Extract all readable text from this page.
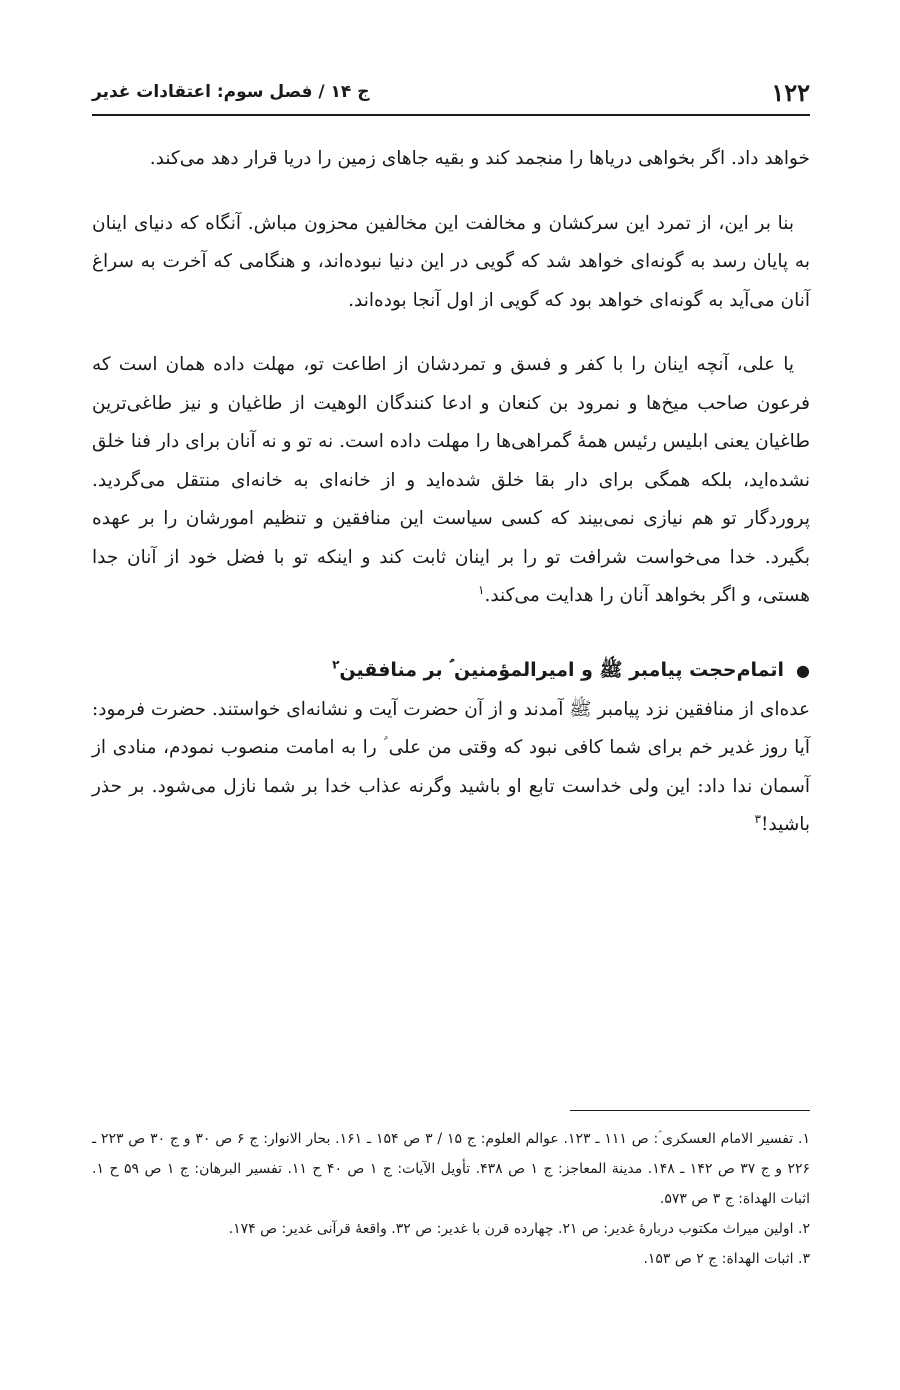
۱۲۲
ج ۱۴ / فصل سوم: اعتقادات غدیر

خواهد داد. اگر بخواهی دریاها را منجمد کند و بقیه جاهای زمین را دریا قرار دهد می‌کند.

بنا بر این، از تمرد این سرکشان و مخالفت این مخالفین محزون مباش. آنگاه که دنیای اینان به پایان رسد به گونه‌ای خواهد شد که گویی در این دنیا نبوده‌اند، و هنگامی که آخرت به سراغ آنان می‌آید به گونه‌ای خواهد بود که گویی از اول آنجا بوده‌اند.

یا علی، آنچه اینان را با کفر و فسق و تمردشان از اطاعت تو، مهلت داده همان است که فرعون صاحب میخ‌ها و نمرود بن کنعان و ادعا کنندگان الوهیت از طاغیان و نیز طاغی‌ترین طاغیان یعنی ابلیس رئیس همهٔ گمراهی‌ها را مهلت داده است. نه تو و نه آنان برای دار فنا خلق نشده‌اید، بلکه همگی برای دار بقا خلق شده‌اید و از خانه‌ای به خانه‌ای منتقل می‌گردید. پروردگار تو هم نیازی نمی‌بیند که کسی سیاست این منافقین و تنظیم امورشان را بر عهده بگیرد. خدا می‌خواست شرافت تو را بر اینان ثابت کند و اینکه تو با فضل خود از آنان جدا هستی، و اگر بخواهد آنان را هدایت می‌کند.$^۱$

●اتمام‌حجت پیامبر ﷺ و امیرالمؤمنین ؑ بر منافقین$^۲$

عده‌ای از منافقین نزد پیامبر ﷺ آمدند و از آن حضرت آیت و نشانه‌ای خواستند. حضرت فرمود: آیا روز غدیر خم برای شما کافی نبود که وقتی من علی ؑ را به امامت منصوب نمودم، منادی از آسمان ندا داد: این ولی خداست تابع او باشید وگرنه عذاب خدا بر شما نازل می‌شود. بر حذر باشید!$^۳$

۱. تفسیر الامام العسکری ؑ: ص ۱۱۱ ـ ۱۲۳. عوالم العلوم: ج ۱۵ / ۳ ص ۱۵۴ ـ ۱۶۱. بحار الانوار: ج ۶ ص ۳۰ و ج ۳۰ ص ۲۲۳ ـ ۲۲۶ و ج ۳۷ ص ۱۴۲ ـ ۱۴۸. مدینة المعاجز: ج ۱ ص ۴۳۸. تأویل الآیات: ج ۱ ص ۴۰ ح ۱۱. تفسیر البرهان: ج ۱ ص ۵۹ ح ۱. اثبات الهداة: ج ۳ ص ۵۷۳.
۲. اولین میراث مکتوب دربارهٔ غدیر: ص ۲۱. چهارده قرن با غدیر: ص ۳۲. واقعهٔ قرآنی غدیر: ص ۱۷۴.
۳. اثبات الهداة: ج ۲ ص ۱۵۳.
